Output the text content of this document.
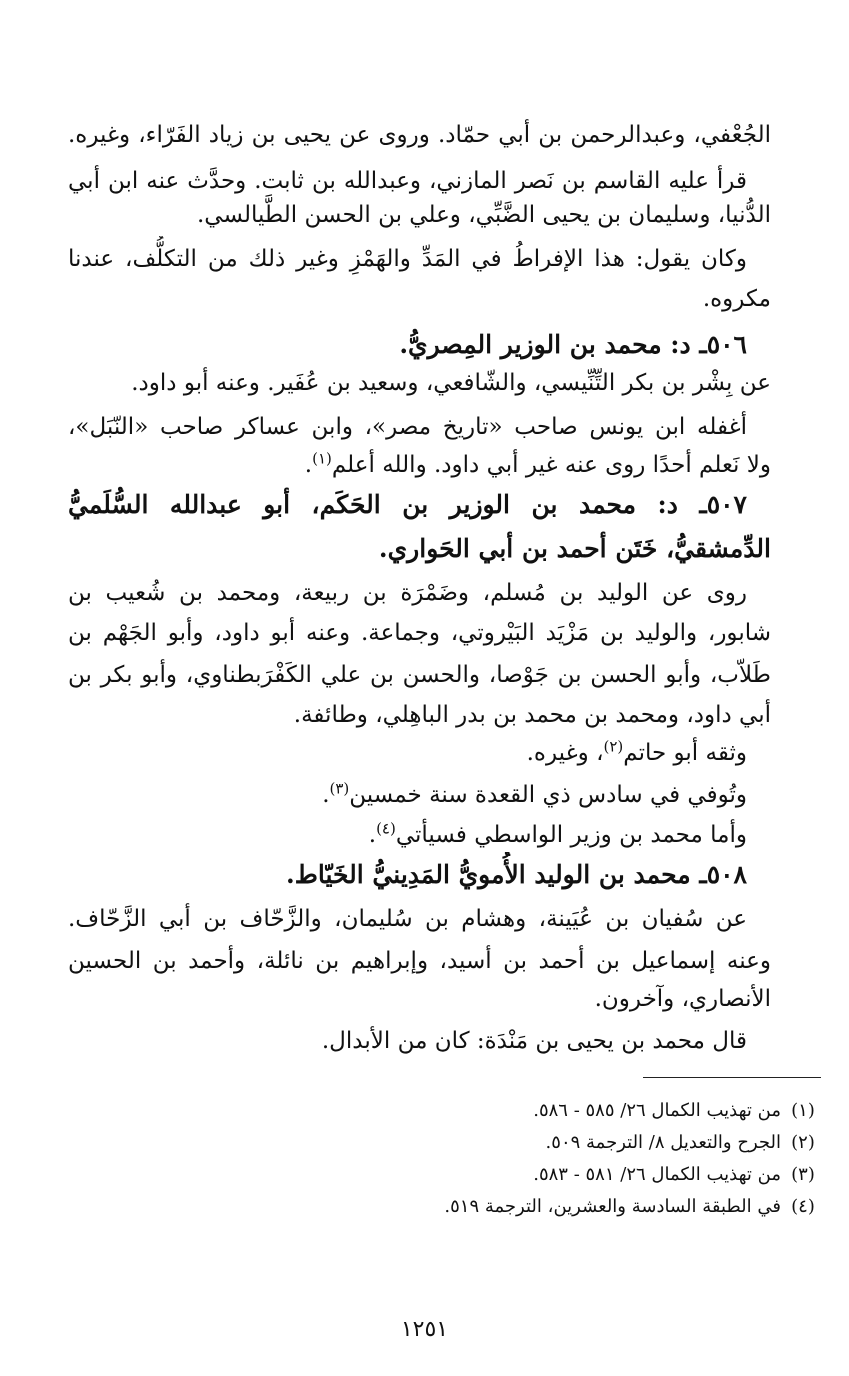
الجُعْفي، وعبدالرحمن بن أبي حمّاد. وروى عن يحيى بن زياد الفَرّاء، وغيره.
قرأ عليه القاسم بن نَصر المازني، وعبدالله بن ثابت. وحدَّث عنه ابن أبي
الدُّنيا، وسليمان بن يحيى الضَّبِّي، وعلي بن الحسن الطَّيالسي.
وكان يقول: هذا الإفراطُ في المَدِّ والهَمْزِ وغير ذلك من التكلُّف، عندنا
مكروه.
٥٠٦ـ د: محمد بن الوزير المِصريُّ.
عن بِشْر بن بكر التِّنِّيسي، والشّافعي، وسعيد بن عُفَير. وعنه أبو داود.
أغفله ابن يونس صاحب «تاريخ مصر»، وابن عساكر صاحب «النّبَل»،
ولا نَعلم أحدًا روى عنه غير أبي داود. والله أعلم$^{(١)}$.
٥٠٧ـ د: محمد بن الوزير بن الحَكَم، أبو عبدالله السُّلَميُّ
الدِّمشقيُّ، خَتَن أحمد بن أبي الحَواري.
روى عن الوليد بن مُسلم، وضَمْرَة بن ربيعة، ومحمد بن شُعيب بن
شابور، والوليد بن مَزْيَد البَيْروتي، وجماعة. وعنه أبو داود، وأبو الجَهْم بن
طَلاّب، وأبو الحسن بن جَوْصا، والحسن بن علي الكَفْرَبطناوي، وأبو بكر بن
أبي داود، ومحمد بن محمد بن بدر الباهِلي، وطائفة.
وثقه أبو حاتم$^{(٢)}$، وغيره.
وتُوفي في سادس ذي القعدة سنة خمسين$^{(٣)}$.
وأما محمد بن وزير الواسطي فسيأتي$^{(٤)}$.
٥٠٨ـ محمد بن الوليد الأُمويُّ المَدِينيُّ الخَيّاط.
عن سُفيان بن عُيَينة، وهشام بن سُليمان، والزَّحّاف بن أبي الزَّحّاف.
وعنه إسماعيل بن أحمد بن أسيد، وإبراهيم بن نائلة، وأحمد بن الحسين
الأنصاري، وآخرون.
قال محمد بن يحيى بن مَنْدَة: كان من الأبدال.
(١)من تهذيب الكمال ٢٦/ ٥٨٥ - ٥٨٦.
(٢)الجرح والتعديل ٨/ الترجمة ٥٠٩.
(٣)من تهذيب الكمال ٢٦/ ٥٨١ - ٥٨٣.
(٤)في الطبقة السادسة والعشرين، الترجمة ٥١٩.
١٢٥١
